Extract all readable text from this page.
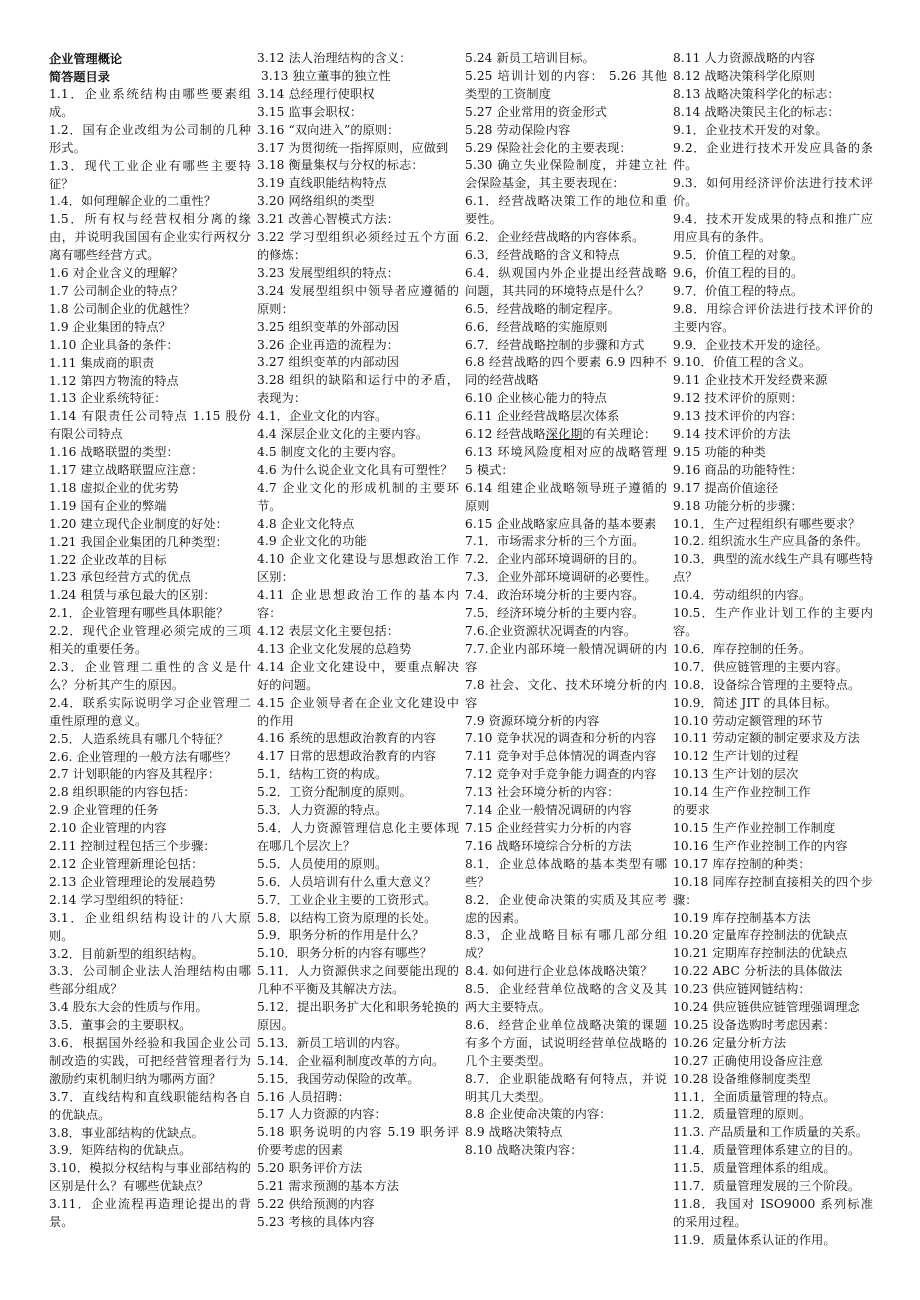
企业管理概论
简答题目录
1.1．企业系统结构由哪些要素组成。
1.2．国有企业改组为公司制的几种形式。
1.3．现代工业企业有哪些主要特征？
1.4．如何理解企业的二重性？
1.5．所有权与经营权相分离的缘由，并说明我国国有企业实行两权分离有哪些经营方式。
1.6 对企业含义的理解？
1.7 公司制企业的特点？
1.8 公司制企业的优越性？
1.9 企业集团的特点？
1.10 企业具备的条件：
1.11 集成商的职责
1.12 第四方物流的特点
1.13 企业系统特征：
1.14 有限责任公司特点 1.15 股份有限公司特点
1.16 战略联盟的类型：
1.17 建立战略联盟应注意：
1.18 虚拟企业的优劣势
1.19 国有企业的弊端
1.20 建立现代企业制度的好处：
1.21 我国企业集团的几种类型：
1.22 企业改革的目标
1.23 承包经营方式的优点
1.24 租赁与承包最大的区别：
2.1．企业管理有哪些具体职能？
2.2．现代企业管理必须完成的三项相关的重要任务。
2.3．企业管理二重性的含义是什么？分析其产生的原因。
2.4．联系实际说明学习企业管理二重性原理的意义。
2.5．人造系统具有哪几个特征？
2.6. 企业管理的一般方法有哪些？
2.7 计划职能的内容及其程序：
2.8 组织职能的内容包括：
2.9 企业管理的任务
2.10 企业管理的内容
2.11 控制过程包括三个步骤：
2.12 企业管理新理论包括：
2.13 企业管理理论的发展趋势
2.14 学习型组织的特征：
3.1．企业组织结构设计的八大原则。
3.2．目前新型的组织结构。
3.3．公司制企业法人治理结构由哪些部分组成？
3.4 股东大会的性质与作用。
3.5．董事会的主要职权。
3.6．根据国外经验和我国企业公司制改造的实践，可把经营管理者行为激励约束机制归纳为哪两方面？
3.7．直线结构和直线职能结构各自的优缺点。
3.8．事业部结构的优缺点。
3.9．矩阵结构的优缺点。
3.10．模拟分权结构与事业部结构的区别是什么？有哪些优缺点？
3.11．企业流程再造理论提出的背景。
3.12 法人治理结构的含义：
3.13 独立董事的独立性
3.14 总经理行使职权
3.15 监事会职权：
3.16 “双向进入”的原则：
3.17 为贯彻统一指挥原则，应做到
3.18 衡量集权与分权的标志：
3.19 直线职能结构特点
3.20 网络组织的类型
3.21 改善心智模式方法：
3.22 学习型组织必须经过五个方面的修炼：
3.23 发展型组织的特点：
3.24 发展型组织中领导者应遵循的原则：
3.25 组织变革的外部动因
3.26 企业再造的流程为：
3.27 组织变革的内部动因
3.28 组织的缺陷和运行中的矛盾，表现为：
4.1．企业文化的内容。
4.4 深层企业文化的主要内容。
4.5 制度文化的主要内容。
4.6 为什么说企业文化具有可塑性？
4.7 企业文化的形成机制的主要环节。
4.8 企业文化特点
4.9 企业文化的功能
4.10 企业文化建设与思想政治工作区别：
4.11 企业思想政治工作的基本内容：
4.12 表层文化主要包括：
4.13 企业文化发展的总趋势
4.14 企业文化建设中，要重点解决好的问题。
4.15 企业领导者在企业文化建设中的作用
4.16 系统的思想政治教育的内容
4.17 日常的思想政治教育的内容
5.1．结构工资的构成。
5.2．工资分配制度的原则。
5.3．人力资源的特点。
5.4．人力资源管理信息化主要体现在哪几个层次上？
5.5．人员使用的原则。
5.6．人员培训有什么重大意义？
5.7．工业企业主要的工资形式。
5.8．以结构工资为原理的长处。
5.9．职务分析的作用是什么？
5.10．职务分析的内容有哪些？
5.11．人力资源供求之间要能出现的几种不平衡及其解决方法。
5.12．提出职务扩大化和职务轮换的原因。
5.13．新员工培训的内容。
5.14．企业福利制度改革的方向。
5.15．我国劳动保险的改革。
5.16 人员招聘：
5.17 人力资源的内容：
5.18 职务说明的内容 5.19 职务评价要考虑的因素
5.20 职务评价方法
5.21 需求预测的基本方法
5.22 供给预测的内容
5.23 考核的具体内容
5.24 新员工培训目标。
5.25 培训计划的内容： 5.26 其他类型的工资制度
5.27 企业常用的资金形式
5.28 劳动保险内容
5.29 保险社会化的主要表现：
5.30 确立失业保险制度，并建立社会保险基金，其主要表现在：
6.1．经营战略决策工作的地位和重要性。
6.2．企业经营战略的内容体系。
6.3．经营战略的含义和特点
6.4．纵观国内外企业提出经营战略问题，其共同的环境特点是什么？
6.5．经营战略的制定程序。
6.6．经营战略的实施原则
6.7．经营战略控制的步骤和方式
6.8 经营战略的四个要素 6.9 四种不同的经营战略
6.10 企业核心能力的特点
6.11 企业经营战略层次体系
6.12 经营战略深化期的有关理论：
6.13 环境风险度相对应的战略管理 5 模式：
6.14 组建企业战略领导班子遵循的原则
6.15 企业战略家应具备的基本要素
7.1．市场需求分析的三个方面。
7.2．企业内部环境调研的目的。
7.3．企业外部环境调研的必要性。
7.4．政治环境分析的主要内容。
7.5．经济环境分析的主要内容。
7.6.企业资源状况调查的内容。
7.7.企业内部环境一般情况调研的内容
7.8 社会、文化、技术环境分析的内容
7.9 资源环境分析的内容
7.10 竞争状况的调查和分析的内容
7.11 竞争对手总体情况的调查内容
7.12 竞争对手竞争能力调查的内容
7.13 社会环境分析的内容：
7.14 企业一般情况调研的内容
7.15 企业经营实力分析的内容
7.16 战略环境综合分析的方法
8.1．企业总体战略的基本类型有哪些？
8.2．企业使命决策的实质及其应考虑的因素。
8.3，企业战略目标有哪几部分组成？
8.4. 如何进行企业总体战略决策？
8.5．企业经营单位战略的含义及其两大主要特点。
8.6．经营企业单位战略决策的课题有多个方面，试说明经营单位战略的几个主要类型。
8.7．企业职能战略有何特点，并说明其几大类型。
8.8 企业使命决策的内容：
8.9 战略决策特点
8.10 战略决策内容：
8.11 人力资源战略的内容
8.12 战略决策科学化原则
8.13 战略决策科学化的标志：
8.14 战略决策民主化的标志：
9.1．企业技术开发的对象。
9.2．企业进行技术开发应具备的条件。
9.3．如何用经济评价法进行技术评价。
9.4．技术开发成果的特点和推广应用应具有的条件。
9.5．价值工程的对象。
9.6，价值工程的目的。
9.7．价值工程的特点。
9.8．用综合评价法进行技术评价的主要内容。
9.9．企业技术开发的途径。
9.10．价值工程的含义。
9.11 企业技术开发经费来源
9.12 技术评价的原则：
9.13 技术评价的内容：
9.14 技术评价的方法
9.15 功能的种类
9.16 商品的功能特性：
9.17 提高价值途径
9.18 功能分析的步骤：
10.1．生产过程组织有哪些要求？
10.2. 组织流水生产应具备的条件。
10.3．典型的流水线生产具有哪些特点？
10.4．劳动组织的内容。
10.5．生产作业计划工作的主要内容。
10.6．库存控制的任务。
10.7．供应链管理的主要内容。
10.8．设备综合管理的主要特点。
10.9．简述 JIT 的具体目标。
10.10 劳动定额管理的环节
10.11 劳动定额的制定要求及方法
10.12 生产计划的过程
10.13 生产计划的层次
10.14 生产作业控制工作
的要求
10.15 生产作业控制工作制度
10.16 生产作业控制工作的内容
10.17 库存控制的种类：
10.18 同库存控制直接相关的四个步骤：
10.19 库存控制基本方法
10.20 定量库存控制法的优缺点
10.21 定期库存控制法的优缺点
10.22 ABC 分析法的具体做法
10.23 供应链网链结构：
10.24 供应链供应链管理强调理念
10.25 设备选购时考虑因素：
10.26 定量分析方法
10.27 正确使用设备应注意
10.28 设备维修制度类型
11.1．全面质量管理的特点。
11.2．质量管理的原则。
11.3. 产品质量和工作质量的关系。
11.4．质量管理体系建立的目的。
11.5．质量管理体系的组成。
11.7．质量管理发展的三个阶段。
11.8．我国对 ISO9000 系列标准的采用过程。
11.9．质量体系认证的作用。
